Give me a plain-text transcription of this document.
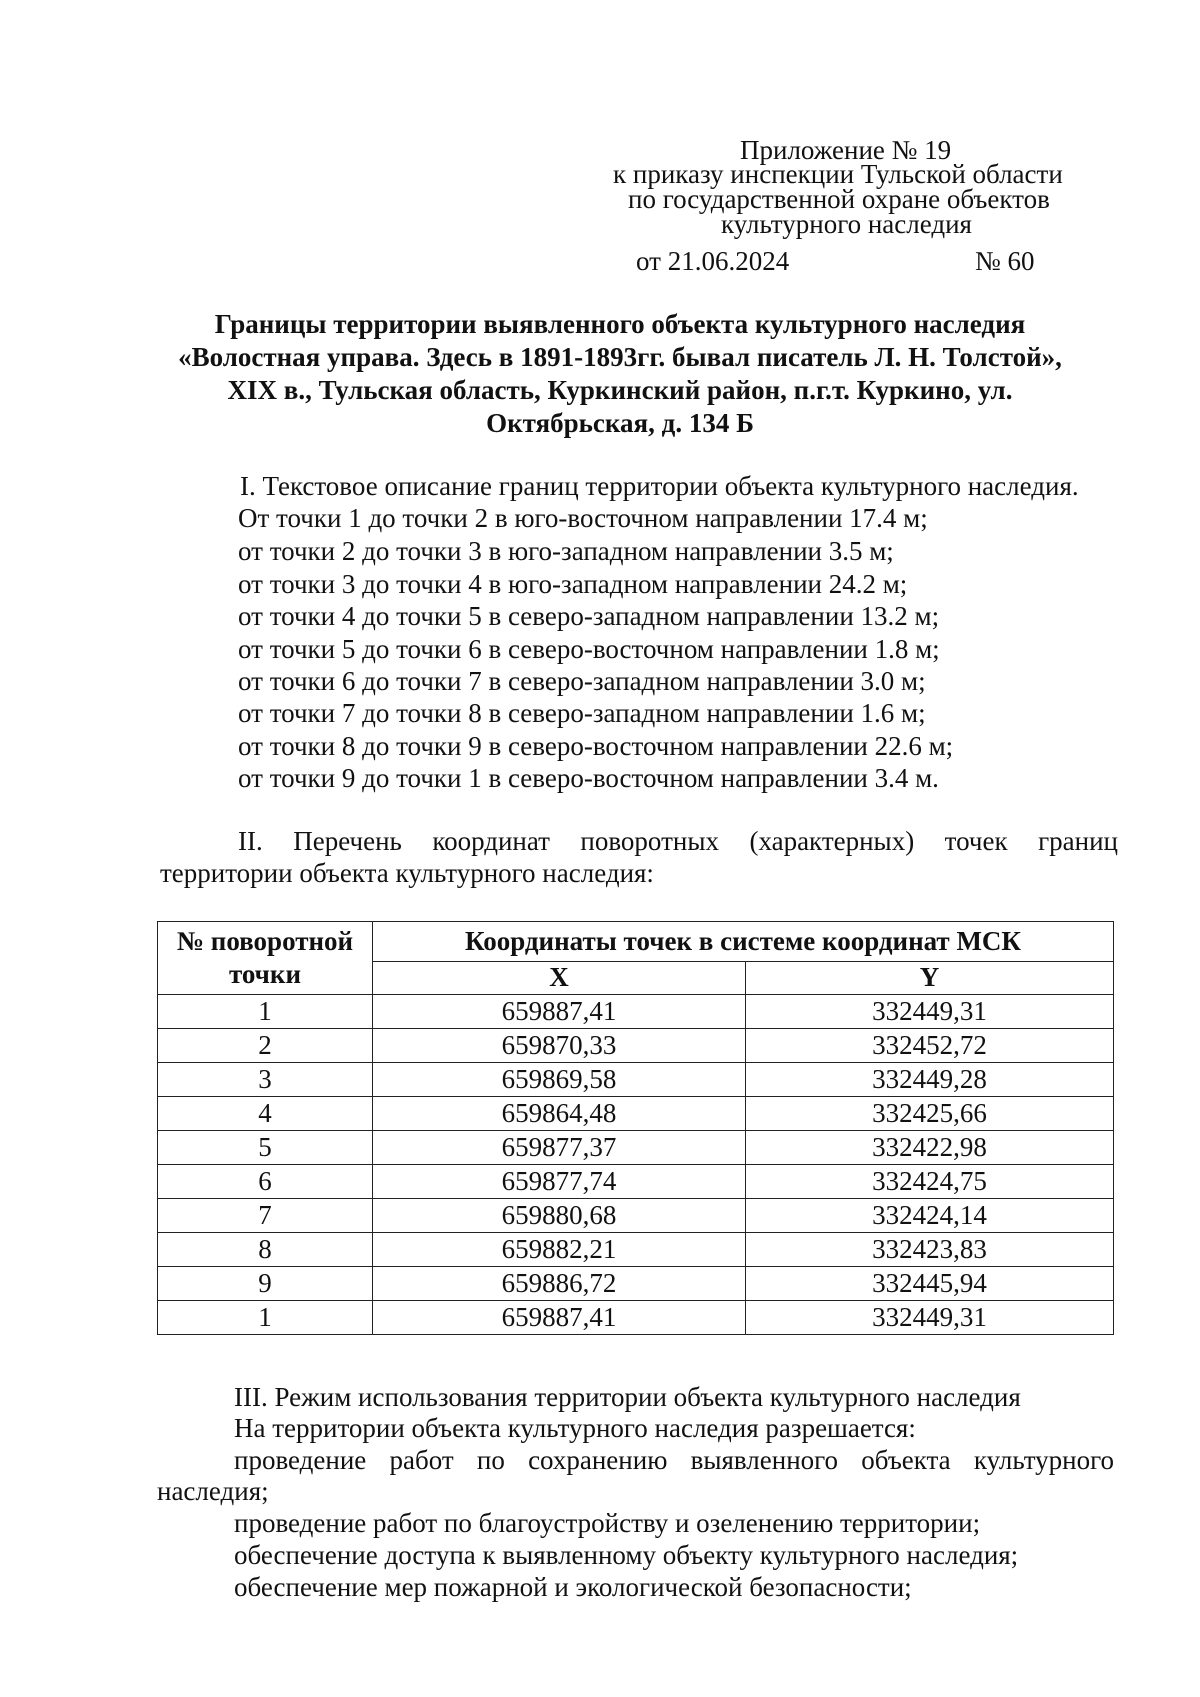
Приложение № 19
к приказу инспекции Тульской области
по государственной охране объектов
культурного наследия
от 21.06.2024	№ 60
Границы территории выявленного объекта культурного наследия
«Волостная управа. Здесь в 1891-1893гг. бывал писатель Л. Н. Толстой»,
XIX в., Тульская область, Куркинский район, п.г.т. Куркино, ул.
Октябрьская, д. 134 Б
I. Текстовое описание границ территории объекта культурного наследия.
От точки 1 до точки 2 в юго-восточном направлении 17.4 м;
от точки 2 до точки 3 в юго-западном направлении 3.5 м;
от точки 3 до точки 4 в юго-западном направлении 24.2 м;
от точки 4 до точки 5 в северо-западном направлении 13.2 м;
от точки 5 до точки 6 в северо-восточном направлении 1.8 м;
от точки 6 до точки 7 в северо-западном направлении 3.0 м;
от точки 7 до точки 8 в северо-западном направлении 1.6 м;
от точки 8 до точки 9 в северо-восточном направлении 22.6 м;
от точки 9 до точки 1 в северо-восточном направлении 3.4 м.
II. Перечень координат поворотных (характерных) точек границ
территории объекта культурного наследия:
№ поворотной точки	Координаты точек в системе координат МСК	
	X	Y
1	659887,41	332449,31
2	659870,33	332452,72
3	659869,58	332449,28
4	659864,48	332425,66
5	659877,37	332422,98
6	659877,74	332424,75
7	659880,68	332424,14
8	659882,21	332423,83
9	659886,72	332445,94
1	659887,41	332449,31
III. Режим использования территории объекта культурного наследия
На территории объекта культурного наследия разрешается:
проведение работ по сохранению выявленного объекта культурного
наследия;
проведение работ по благоустройству и озеленению территории;
обеспечение доступа к выявленному объекту культурного наследия;
обеспечение мер пожарной и экологической безопасности;
